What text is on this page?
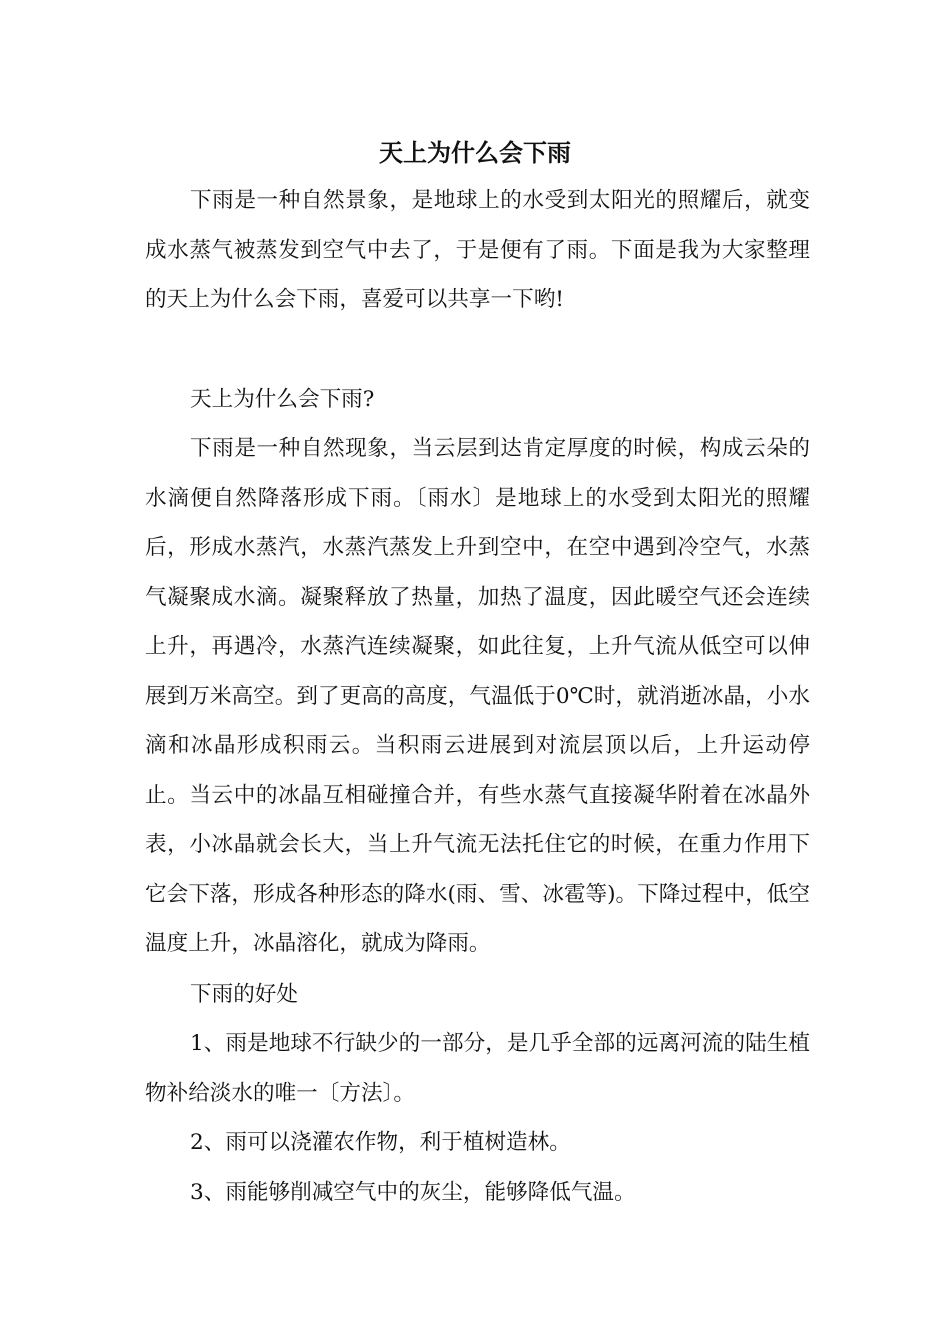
天上为什么会下雨

下雨是一种自然景象，是地球上的水受到太阳光的照耀后，就变成水蒸气被蒸发到空气中去了，于是便有了雨。下面是我为大家整理的天上为什么会下雨，喜爱可以共享一下哟!

天上为什么会下雨?

下雨是一种自然现象，当云层到达肯定厚度的时候，构成云朵的水滴便自然降落形成下雨。〔雨水〕是地球上的水受到太阳光的照耀后，形成水蒸汽，水蒸汽蒸发上升到空中，在空中遇到冷空气，水蒸气凝聚成水滴。凝聚释放了热量，加热了温度，因此暖空气还会连续上升，再遇冷，水蒸汽连续凝聚，如此往复，上升气流从低空可以伸展到万米高空。到了更高的高度，气温低于0℃时，就消逝冰晶，小水滴和冰晶形成积雨云。当积雨云进展到对流层顶以后，上升运动停止。当云中的冰晶互相碰撞合并，有些水蒸气直接凝华附着在冰晶外表，小冰晶就会长大，当上升气流无法托住它的时候，在重力作用下它会下落，形成各种形态的降水(雨、雪、冰雹等)。下降过程中，低空温度上升，冰晶溶化，就成为降雨。

下雨的好处

1、雨是地球不行缺少的一部分，是几乎全部的远离河流的陆生植物补给淡水的唯一〔方法〕。

2、雨可以浇灌农作物，利于植树造林。

3、雨能够削减空气中的灰尘，能够降低气温。
